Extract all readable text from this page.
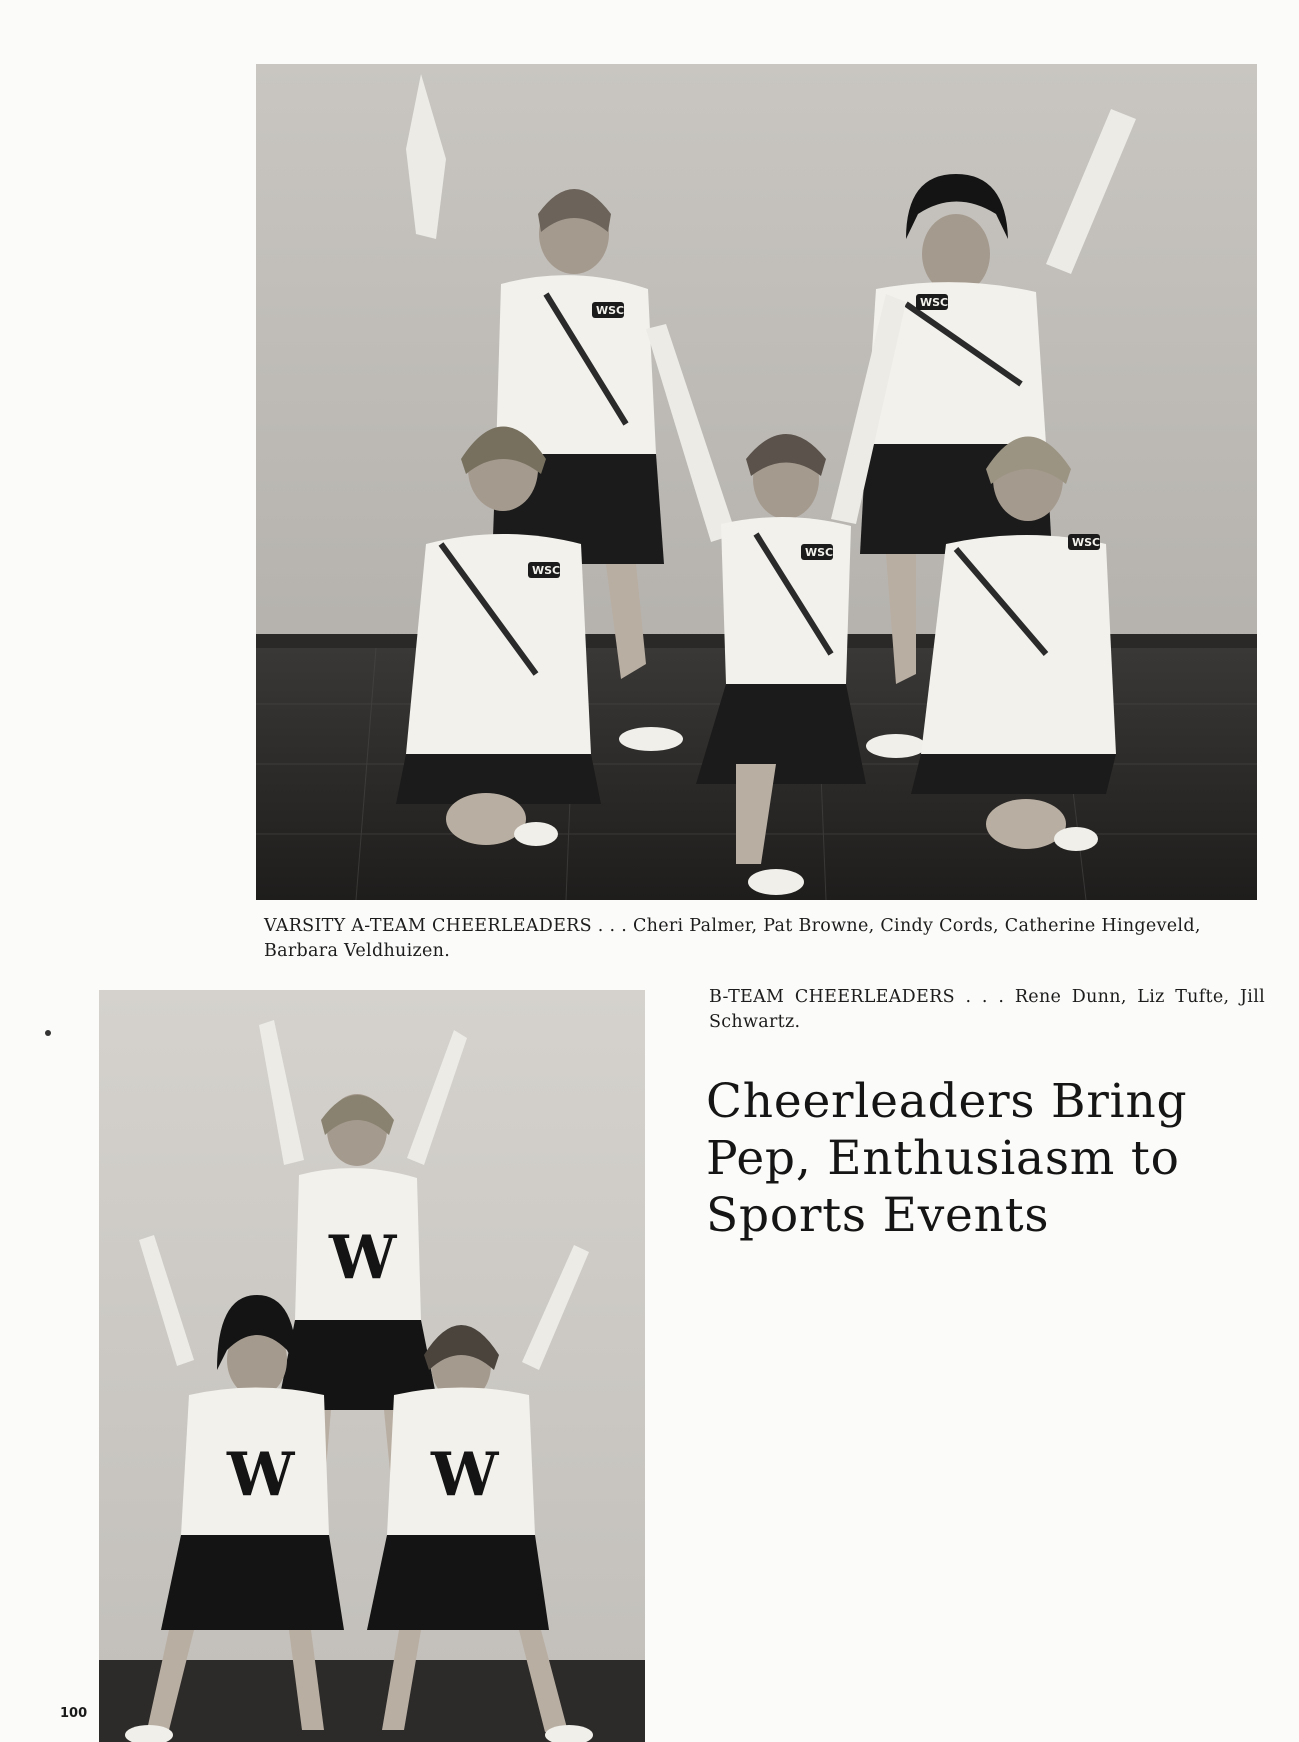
WSC
WSC
WSC
WSC
WSC
VARSITY A-TEAM CHEERLEADERS . . . Cheri Palmer, Pat Browne, Cindy Cords, Catherine Hingeveld, Barbara Veldhuizen.
W
W W
B-TEAM CHEERLEADERS . . . Rene Dunn, Liz Tufte, Jill Schwartz.
Cheerleaders Bring Pep, Enthusiasm to Sports Events
100
